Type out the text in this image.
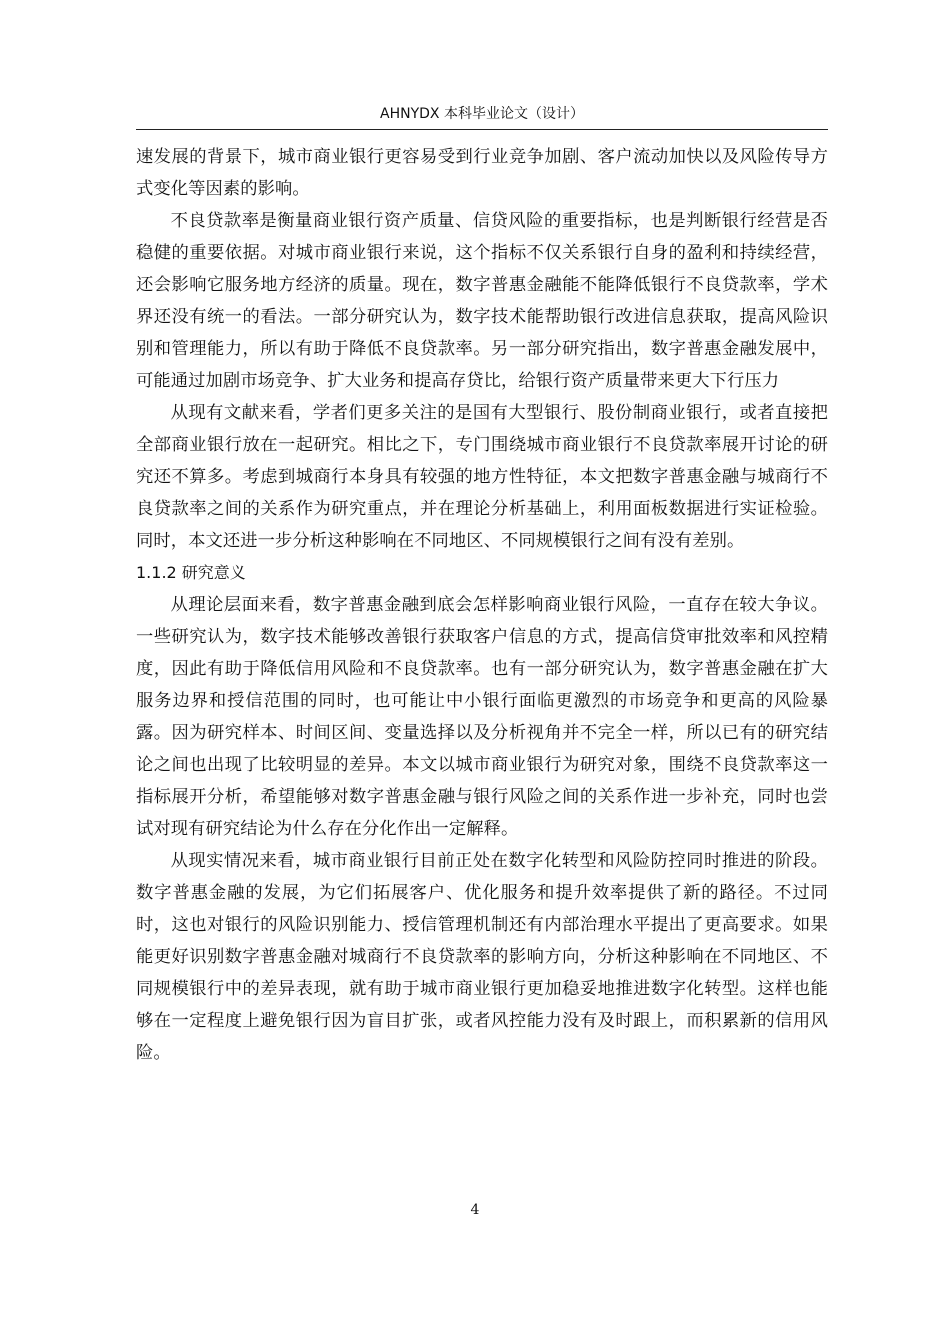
AHNYDX 本科毕业论文（设计）

速发展的背景下，城市商业银行更容易受到行业竞争加剧、客户流动加快以及风险传导方式变化等因素的影响。

不良贷款率是衡量商业银行资产质量、信贷风险的重要指标，也是判断银行经营是否稳健的重要依据。对城市商业银行来说，这个指标不仅关系银行自身的盈利和持续经营，还会影响它服务地方经济的质量。现在，数字普惠金融能不能降低银行不良贷款率，学术界还没有统一的看法。一部分研究认为，数字技术能帮助银行改进信息获取，提高风险识别和管理能力，所以有助于降低不良贷款率。另一部分研究指出，数字普惠金融发展中，可能通过加剧市场竞争、扩大业务和提高存贷比，给银行资产质量带来更大下行压力

从现有文献来看，学者们更多关注的是国有大型银行、股份制商业银行，或者直接把全部商业银行放在一起研究。相比之下，专门围绕城市商业银行不良贷款率展开讨论的研究还不算多。考虑到城商行本身具有较强的地方性特征，本文把数字普惠金融与城商行不良贷款率之间的关系作为研究重点，并在理论分析基础上，利用面板数据进行实证检验。同时，本文还进一步分析这种影响在不同地区、不同规模银行之间有没有差别。

1.1.2 研究意义

从理论层面来看，数字普惠金融到底会怎样影响商业银行风险，一直存在较大争议。一些研究认为，数字技术能够改善银行获取客户信息的方式，提高信贷审批效率和风控精度，因此有助于降低信用风险和不良贷款率。也有一部分研究认为，数字普惠金融在扩大服务边界和授信范围的同时，也可能让中小银行面临更激烈的市场竞争和更高的风险暴露。因为研究样本、时间区间、变量选择以及分析视角并不完全一样，所以已有的研究结论之间也出现了比较明显的差异。本文以城市商业银行为研究对象，围绕不良贷款率这一指标展开分析，希望能够对数字普惠金融与银行风险之间的关系作进一步补充，同时也尝试对现有研究结论为什么存在分化作出一定解释。

从现实情况来看，城市商业银行目前正处在数字化转型和风险防控同时推进的阶段。数字普惠金融的发展，为它们拓展客户、优化服务和提升效率提供了新的路径。不过同时，这也对银行的风险识别能力、授信管理机制还有内部治理水平提出了更高要求。如果能更好识别数字普惠金融对城商行不良贷款率的影响方向，分析这种影响在不同地区、不同规模银行中的差异表现，就有助于城市商业银行更加稳妥地推进数字化转型。这样也能够在一定程度上避免银行因为盲目扩张，或者风控能力没有及时跟上，而积累新的信用风险。

4
